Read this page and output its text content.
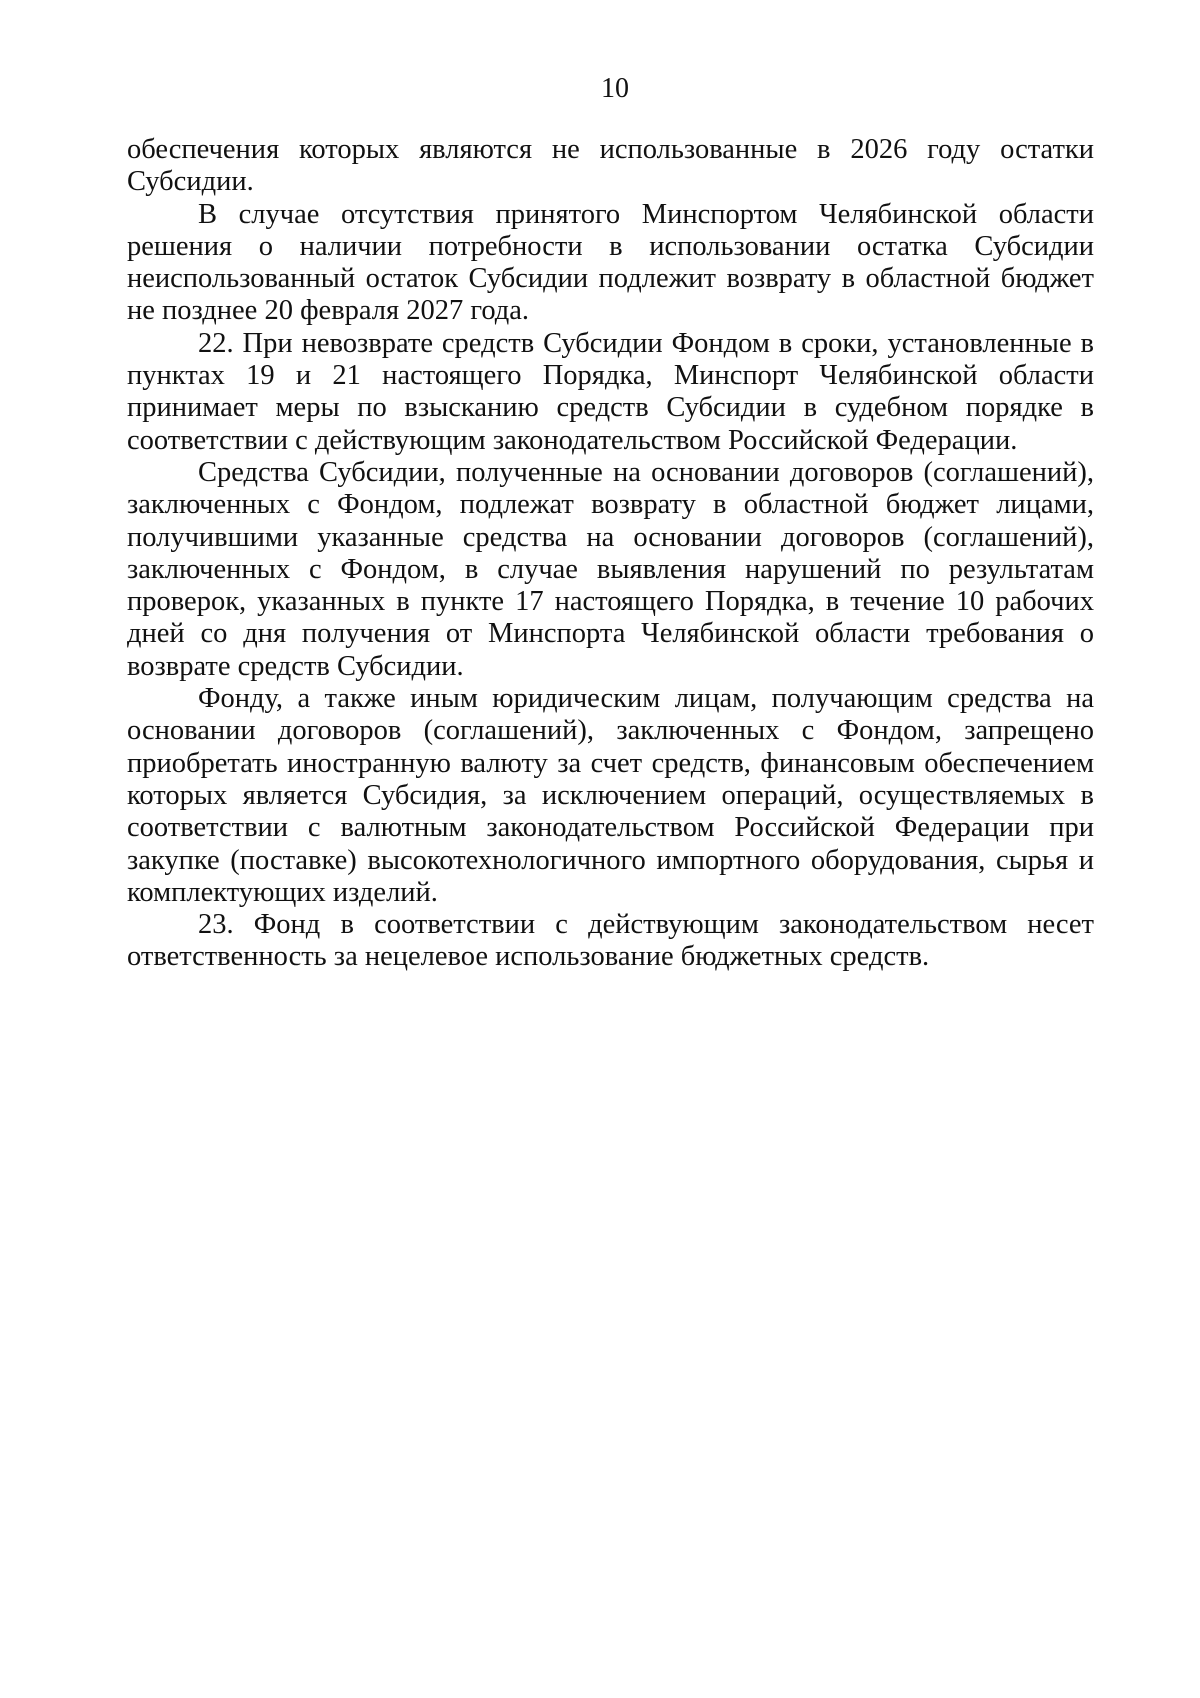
10

обеспечения которых являются не использованные в 2026 году остатки Субсидии.

В случае отсутствия принятого Минспортом Челябинской области решения о наличии потребности в использовании остатка Субсидии неиспользованный остаток Субсидии подлежит возврату в областной бюджет не позднее 20 февраля 2027 года.

22. При невозврате средств Субсидии Фондом в сроки, установленные в пунктах 19 и 21 настоящего Порядка, Минспорт Челябинской области принимает меры по взысканию средств Субсидии в судебном порядке в соответствии с действующим законодательством Российской Федерации.

Средства Субсидии, полученные на основании договоров (соглашений), заключенных с Фондом, подлежат возврату в областной бюджет лицами, получившими указанные средства на основании договоров (соглашений), заключенных с Фондом, в случае выявления нарушений по результатам проверок, указанных в пункте 17 настоящего Порядка, в течение 10 рабочих дней со дня получения от Минспорта Челябинской области требования о возврате средств Субсидии.

Фонду, а также иным юридическим лицам, получающим средства на основании договоров (соглашений), заключенных с Фондом, запрещено приобретать иностранную валюту за счет средств, финансовым обеспечением которых является Субсидия, за исключением операций, осуществляемых в соответствии с валютным законодательством Российской Федерации при закупке (поставке) высокотехнологичного импортного оборудования, сырья и комплектующих изделий.

23. Фонд в соответствии с действующим законодательством несет ответственность за нецелевое использование бюджетных средств.
